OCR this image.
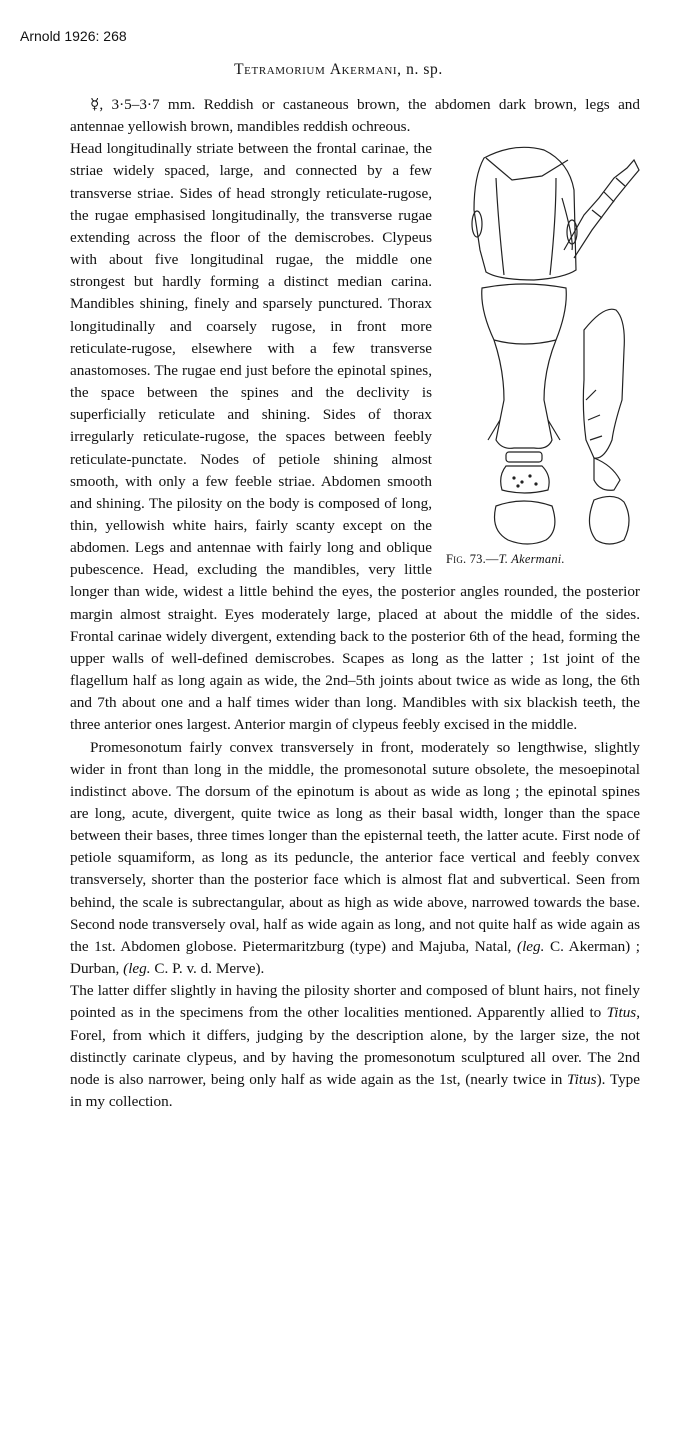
Arnold 1926: 268
Tetramorium Akermani, n. sp.

☿, 3·5–3·7 mm. Reddish or castaneous brown, the abdomen dark brown, legs and antennae yellowish brown, mandibles reddish ochreous.

Fig. 73.—T. Akermani.

Head longitudinally striate between the frontal carinae, the striae widely spaced, large, and connected by a few transverse striae. Sides of head strongly reticulate-rugose, the rugae emphasised longitudinally, the transverse rugae extending across the floor of the demiscrobes. Clypeus with about five longitudinal rugae, the middle one strongest but hardly forming a distinct median carina. Mandibles shining, finely and sparsely punctured. Thorax longitudinally and coarsely rugose, in front more reticulate-rugose, elsewhere with a few transverse anastomoses. The rugae end just before the epinotal spines, the space between the spines and the declivity is superficially reticulate and shining. Sides of thorax irregularly reticulate-rugose, the spaces between feebly reticulate-punctate. Nodes of petiole shining almost smooth, with only a few feeble striae. Abdomen smooth and shining. The pilosity on the body is composed of long, thin, yellowish white hairs, fairly scanty except on the abdomen. Legs and antennae with fairly long and oblique pubescence. Head, excluding the mandibles, very little longer than wide, widest a little behind the eyes, the posterior angles rounded, the posterior margin almost straight. Eyes moderately large, placed at about the middle of the sides. Frontal carinae widely divergent, extending back to the posterior 6th of the head, forming the upper walls of well-defined demiscrobes. Scapes as long as the latter ; 1st joint of the flagellum half as long again as wide, the 2nd–5th joints about twice as wide as long, the 6th and 7th about one and a half times wider than long. Mandibles with six blackish teeth, the three anterior ones largest. Anterior margin of clypeus feebly excised in the middle.

Promesonotum fairly convex transversely in front, moderately so lengthwise, slightly wider in front than long in the middle, the promesonotal suture obsolete, the mesoepinotal indistinct above. The dorsum of the epinotum is about as wide as long ; the epinotal spines are long, acute, divergent, quite twice as long as their basal width, longer than the space between their bases, three times longer than the episternal teeth, the latter acute. First node of petiole squamiform, as long as its peduncle, the anterior face vertical and feebly convex transversely, shorter than the posterior face which is almost flat and subvertical. Seen from behind, the scale is subrectangular, about as high as wide above, narrowed towards the base. Second node transversely oval, half as wide again as long, and not quite half as wide again as the 1st. Abdomen globose. Pietermaritzburg (type) and Majuba, Natal, (leg. C. Akerman) ; Durban, (leg. C. P. v. d. Merve).

The latter differ slightly in having the pilosity shorter and composed of blunt hairs, not finely pointed as in the specimens from the other localities mentioned. Apparently allied to Titus, Forel, from which it differs, judging by the description alone, by the larger size, the not distinctly carinate clypeus, and by having the promesonotum sculptured all over. The 2nd node is also narrower, being only half as wide again as the 1st, (nearly twice in Titus). Type in my collection.
